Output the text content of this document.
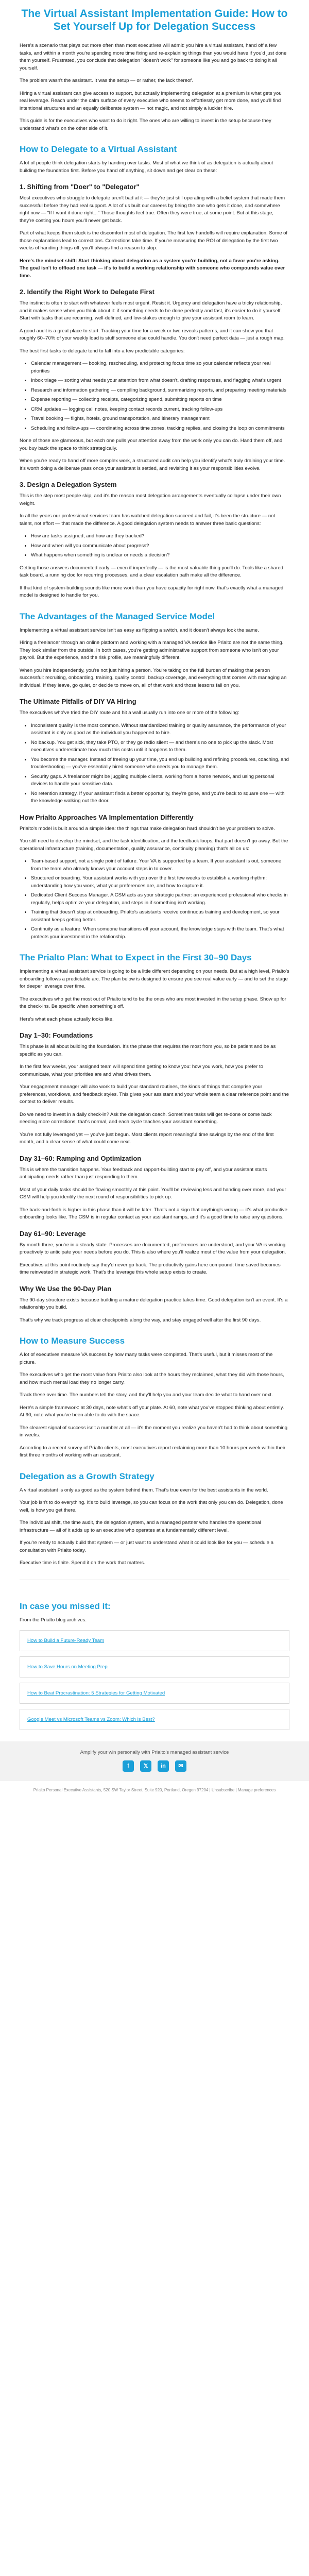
The Virtual Assistant Implementation Guide: How to Set Yourself Up for Delegation Success

Here's a scenario that plays out more often than most executives will admit: you hire a virtual assistant, hand off a few tasks, and within a month you're spending more time fixing and re-explaining things than you would have if you'd just done them yourself. Frustrated, you conclude that delegation "doesn't work" for someone like you and go back to doing it all yourself.

The problem wasn't the assistant. It was the setup — or rather, the lack thereof.

Hiring a virtual assistant can give access to support, but actually implementing delegation at a premium is what gets you real leverage. Reach under the calm surface of every executive who seems to effortlessly get more done, and you'll find intentional structures and an equally deliberate system — not magic, and not simply a luckier hire.

This guide is for the executives who want to do it right. The ones who are willing to invest in the setup because they understand what's on the other side of it.

How to Delegate to a Virtual Assistant

A lot of people think delegation starts by handing over tasks. Most of what we think of as delegation is actually about building the foundation first. Before you hand off anything, sit down and get clear on these:

1. Shifting from "Doer" to "Delegator"

Most executives who struggle to delegate aren't bad at it — they're just still operating with a belief system that made them successful before they had real support. A lot of us built our careers by being the one who gets it done, and somewhere right now — "If I want it done right..." Those thoughts feel true. Often they were true, at some point. But at this stage, they're costing you hours you'll never get back.

Part of what keeps them stuck is the discomfort most of delegation. The first few handoffs will require explanation. Some of those explanations lead to corrections. Corrections take time. If you're measuring the ROI of delegation by the first two weeks of handing things off, you'll always find a reason to stop.

Here's the mindset shift: Start thinking about delegation as a system you're building, not a favor you're asking. The goal isn't to offload one task — it's to build a working relationship with someone who compounds value over time.

2. Identify the Right Work to Delegate First

The instinct is often to start with whatever feels most urgent. Resist it. Urgency and delegation have a tricky relationship, and it makes sense when you think about it: if something needs to be done perfectly and fast, it's easier to do it yourself. Start with tasks that are recurring, well-defined, and low-stakes enough to give your assistant room to learn.

A good audit is a great place to start. Tracking your time for a week or two reveals patterns, and it can show you that roughly 60–70% of your weekly load is stuff someone else could handle. You don't need perfect data — just a rough map.

The best first tasks to delegate tend to fall into a few predictable categories:

• Calendar management — booking, rescheduling, and protecting focus time so your calendar reflects your real priorities
• Inbox triage — sorting what needs your attention from what doesn't, drafting responses, and flagging what's urgent
• Research and information gathering — compiling background, summarizing reports, and preparing meeting materials
• Expense reporting — collecting receipts, categorizing spend, submitting reports on time
• CRM updates — logging call notes, keeping contact records current, tracking follow-ups
• Travel booking — flights, hotels, ground transportation, and itinerary management
• Scheduling and follow-ups — coordinating across time zones, tracking replies, and closing the loop on commitments

None of those are glamorous, but each one pulls your attention away from the work only you can do. Hand them off, and you buy back the space to think strategically.

When you're ready to hand off more complex work, a structured audit can help you identify what's truly draining your time. It's worth doing a deliberate pass once your assistant is settled, and revisiting it as your responsibilities evolve.

3. Design a Delegation System

This is the step most people skip, and it's the reason most delegation arrangements eventually collapse under their own weight.

In all the years our professional-services team has watched delegation succeed and fail, it's been the structure — not talent, not effort — that made the difference. A good delegation system needs to answer three basic questions:

• How are tasks assigned, and how are they tracked?
• How and when will you communicate about progress?
• What happens when something is unclear or needs a decision?

Getting those answers documented early — even if imperfectly — is the most valuable thing you'll do. Tools like a shared task board, a running doc for recurring processes, and a clear escalation path make all the difference.

If that kind of system-building sounds like more work than you have capacity for right now, that's exactly what a managed model is designed to handle for you.

The Advantages of the Managed Service Model

Implementing a virtual assistant service isn't as easy as flipping a switch, and it doesn't always look the same.

Hiring a freelancer through an online platform and working with a managed VA service like Prialto are not the same thing. They look similar from the outside. In both cases, you're getting administrative support from someone who isn't on your payroll. But the experience, and the risk profile, are meaningfully different.

When you hire independently, you're not just hiring a person. You're taking on the full burden of making that person successful: recruiting, onboarding, training, quality control, backup coverage, and everything that comes with managing an individual. If they leave, go quiet, or decide to move on, all of that work and those lessons fall on you.

The Ultimate Pitfalls of DIY VA Hiring

The executives who've tried the DIY route and hit a wall usually run into one or more of the following:

• Inconsistent quality is the most common. Without standardized training or quality assurance, the performance of your assistant is only as good as the individual you happened to hire.
• No backup. You get sick, they take PTO, or they go radio silent — and there's no one to pick up the slack. Most executives underestimate how much this costs until it happens to them.
• You become the manager. Instead of freeing up your time, you end up building and refining procedures, coaching, and troubleshooting — you've essentially hired someone who needs you to manage them.
• Security gaps. A freelancer might be juggling multiple clients, working from a home network, and using personal devices to handle your sensitive data.
• No retention strategy. If your assistant finds a better opportunity, they're gone, and you're back to square one — with the knowledge walking out the door.
How Prialto Approaches VA Implementation Differently

Prialto's model is built around a simple idea: the things that make delegation hard shouldn't be your problem to solve.

You still need to develop the mindset, and the task identification, and the feedback loops; that part doesn't go away. But the operational infrastructure (training, documentation, quality assurance, continuity planning) that's all on us:

• Team-based support, not a single point of failure. Your VA is supported by a team. If your assistant is out, someone from the team who already knows your account steps in to cover.
• Structured onboarding. Your assistant works with you over the first few weeks to establish a working rhythm: understanding how you work, what your preferences are, and how to capture it.
• Dedicated Client Success Manager. A CSM acts as your strategic partner: an experienced professional who checks in regularly, helps optimize your delegation, and steps in if something isn't working.
• Training that doesn't stop at onboarding. Prialto's assistants receive continuous training and development, so your assistant keeps getting better.
• Continuity as a feature. When someone transitions off your account, the knowledge stays with the team. That's what protects your investment in the relationship.
The Prialto Plan: What to Expect in the First 30–90 Days

Implementing a virtual assistant service is going to be a little different depending on your needs. But at a high level, Prialto's onboarding follows a predictable arc. The plan below is designed to ensure you see real value early — and to set the stage for deeper leverage over time.

The executives who get the most out of Prialto tend to be the ones who are most invested in the setup phase. Show up for the check-ins. Be specific when something's off.

Here's what each phase actually looks like.

Day 1–30: Foundations

This phase is all about building the foundation. It's the phase that requires the most from you, so be patient and be as specific as you can.

In the first few weeks, your assigned team will spend time getting to know you: how you work, how you prefer to communicate, what your priorities are and what drives them.

Your engagement manager will also work to build your standard routines, the kinds of things that comprise your preferences, workflows, and feedback styles. This gives your assistant and your whole team a clear reference point and the context to deliver results.

Do we need to invest in a daily check-in? Ask the delegation coach. Sometimes tasks will get re-done or come back needing more corrections; that's normal, and each cycle teaches your assistant something.

You're not fully leveraged yet — you've just begun. Most clients report meaningful time savings by the end of the first month, and a clear sense of what could come next.

Day 31–60: Ramping and Optimization

This is where the transition happens. Your feedback and rapport-building start to pay off, and your assistant starts anticipating needs rather than just responding to them.

Most of your daily tasks should be flowing smoothly at this point. You'll be reviewing less and handing over more, and your CSM will help you identify the next round of responsibilities to pick up.

The back-and-forth is higher in this phase than it will be later. That's not a sign that anything's wrong — it's what productive onboarding looks like. The CSM is in regular contact as your assistant ramps, and it's a good time to raise any questions.

Day 61–90: Leverage

By month three, you're in a steady state. Processes are documented, preferences are understood, and your VA is working proactively to anticipate your needs before you do. This is also where you'll realize most of the value from your delegation.

Executives at this point routinely say they'd never go back. The productivity gains here compound: time saved becomes time reinvested in strategic work. That's the leverage this whole setup exists to create.

Why We Use the 90-Day Plan

The 90-day structure exists because building a mature delegation practice takes time. Good delegation isn't an event. It's a relationship you build.

That's why we track progress at clear checkpoints along the way, and stay engaged well after the first 90 days.

How to Measure Success

A lot of executives measure VA success by how many tasks were completed. That's useful, but it misses most of the picture.

The executives who get the most value from Prialto also look at the hours they reclaimed, what they did with those hours, and how much mental load they no longer carry.

Track these over time. The numbers tell the story, and they'll help you and your team decide what to hand over next.

Here's a simple framework: at 30 days, note what's off your plate. At 60, note what you've stopped thinking about entirely. At 90, note what you've been able to do with the space.

The clearest signal of success isn't a number at all — it's the moment you realize you haven't had to think about something in weeks.

According to a recent survey of Prialto clients, most executives report reclaiming more than 10 hours per week within their first three months of working with an assistant.

Delegation as a Growth Strategy

A virtual assistant is only as good as the system behind them. That's true even for the best assistants in the world.

Your job isn't to do everything. It's to build leverage, so you can focus on the work that only you can do. Delegation, done well, is how you get there.

The individual shift, the time audit, the delegation system, and a managed partner who handles the operational infrastructure — all of it adds up to an executive who operates at a fundamentally different level.

If you're ready to actually build that system — or just want to understand what it could look like for you — schedule a consultation with Prialto today.

Executive time is finite. Spend it on the work that matters.

In case you missed it:

From the Prialto blog archives:

How to Build a Future-Ready Team
How to Save Hours on Meeting Prep
How to Beat Procrastination: 5 Strategies for Getting Motivated
Google Meet vs Microsoft Teams vs Zoom: Which is Best?
Amplify your win personally with Prialto's managed assistant service
f	𝕏	in	✉
Prialto Personal Executive Assistants, 520 SW Taylor Street, Suite 920, Portland, Oregon 97204 | Unsubscribe | Manage preferences
